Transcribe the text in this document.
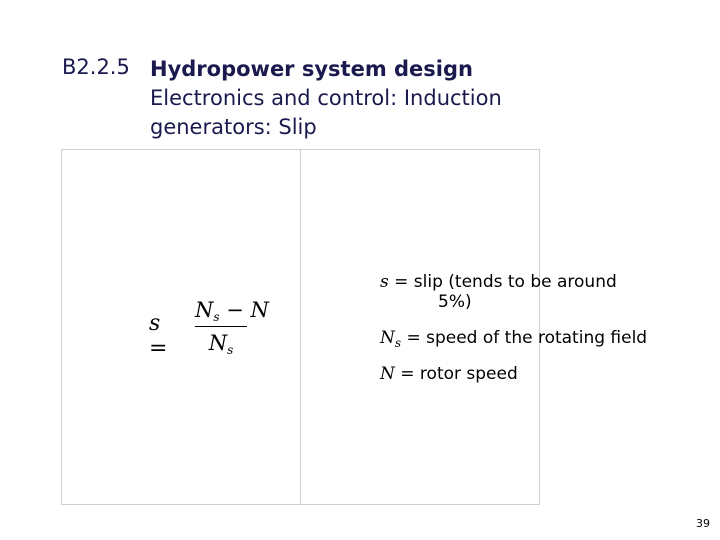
B2.2.5 Hydropower system design
Electronics and control: Induction
generators: Slip
s =
$N_s - N$
$N_s$
s = slip (tends to be around
5%)
$N_s$ = speed of the rotating field
N = rotor speed
39
